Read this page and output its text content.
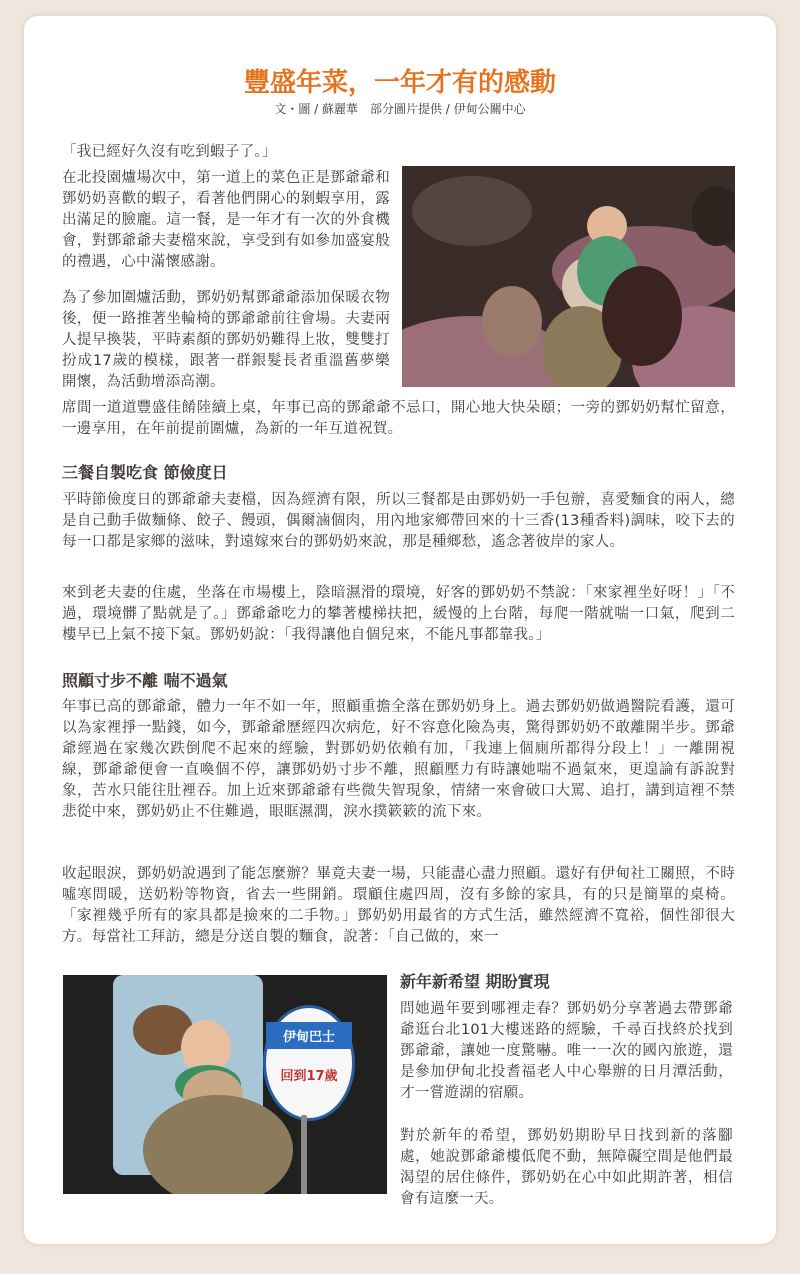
豐盛年菜，一年才有的感動

文・圖 / 蘇麗華　部分圖片提供 / 伊甸公關中心

「我已經好久沒有吃到蝦子了。」

在北投園爐場次中，第一道上的菜色正是鄧爺爺和鄧奶奶喜歡的蝦子，看著他們開心的剝蝦享用，露出滿足的臉龐。這一餐，是一年才有一次的外食機會，對鄧爺爺夫妻檔來說，享受到有如參加盛宴般的禮遇，心中滿懷感謝。

為了參加圍爐活動，鄧奶奶幫鄧爺爺添加保暖衣物後，便一路推著坐輪椅的鄧爺爺前往會場。夫妻兩人提早換裝，平時素顏的鄧奶奶難得上妝，雙雙打扮成17歲的模樣，跟著一群銀髮長者重溫舊夢樂開懷，為活動增添高潮。

席間一道道豐盛佳餚陸續上桌，年事已高的鄧爺爺不忌口，開心地大快朵頤；一旁的鄧奶奶幫忙留意，一邊享用，在年前提前圍爐，為新的一年互道祝賀。

三餐自製吃食 節儉度日

平時節儉度日的鄧爺爺夫妻檔，因為經濟有限，所以三餐都是由鄧奶奶一手包辦，喜愛麵食的兩人，總是自己動手做麵條、餃子、饅頭，偶爾滷個肉，用內地家鄉帶回來的十三香(13種香料)調味，咬下去的每一口都是家鄉的滋味，對遠嫁來台的鄧奶奶來說，那是種鄉愁，遙念著彼岸的家人。

來到老夫妻的住處，坐落在市場樓上，陰暗濕滑的環境，好客的鄧奶奶不禁說：「來家裡坐好呀！」「不過，環境髒了點就是了。」鄧爺爺吃力的攀著樓梯扶把，緩慢的上台階，每爬一階就喘一口氣，爬到二樓早已上氣不接下氣。鄧奶奶說：「我得讓他自個兒來，不能凡事都靠我。」

照顧寸步不離 喘不過氣

年事已高的鄧爺爺，體力一年不如一年，照顧重擔全落在鄧奶奶身上。過去鄧奶奶做過醫院看護，還可以為家裡掙一點錢，如今，鄧爺爺歷經四次病危，好不容意化險為夷，驚得鄧奶奶不敢離開半步。鄧爺爺經過在家幾次跌倒爬不起來的經驗，對鄧奶奶依賴有加，「我連上個廁所都得分段上！」一離開視線，鄧爺爺便會一直喚個不停，讓鄧奶奶寸步不離，照顧壓力有時讓她喘不過氣來，更遑論有訴說對象，苦水只能往肚裡吞。加上近來鄧爺爺有些微失智現象，情緒一來會破口大罵、追打，講到這裡不禁悲從中來，鄧奶奶止不住難過，眼眶濕潤，淚水撲簌簌的流下來。

收起眼淚，鄧奶奶說遇到了能怎麼辦？畢竟夫妻一場，只能盡心盡力照顧。還好有伊甸社工關照，不時噓寒問暖，送奶粉等物資，省去一些開銷。環顧住處四周，沒有多餘的家具，有的只是簡單的桌椅。「家裡幾乎所有的家具都是撿來的二手物。」鄧奶奶用最省的方式生活，雖然經濟不寬裕，個性卻很大方。每當社工拜訪，總是分送自製的麵食，說著：「自己做的，來一

伊甸巴士
回到17歲
新年新希望 期盼實現

問她過年要到哪裡走春？鄧奶奶分享著過去帶鄧爺爺逛台北101大樓迷路的經驗，千尋百找終於找到鄧爺爺，讓她一度驚嚇。唯一一次的國內旅遊，還是參加伊甸北投耆福老人中心舉辦的日月潭活動，才一嘗遊湖的宿願。

對於新年的希望，鄧奶奶期盼早日找到新的落腳處，她說鄧爺爺樓低爬不動，無障礙空間是他們最渴望的居住條件，鄧奶奶在心中如此期許著，相信會有這麼一天。
